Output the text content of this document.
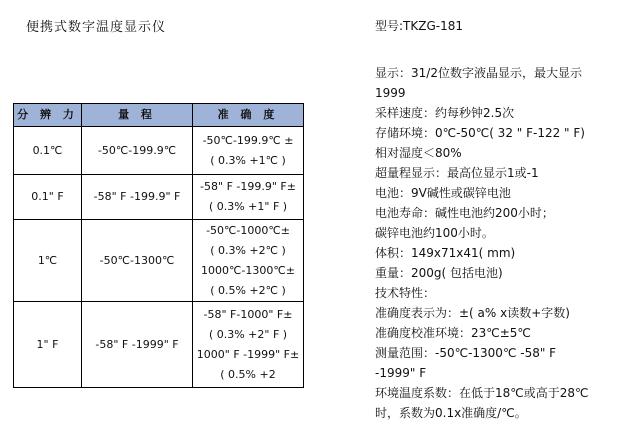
便携式数字温度显示仪	型号:TKZG-181
分 辨 力	量 程	准 确 度
0.1℃	-50℃-199.9℃	-50℃-199.9℃ ±
( 0.3% +1℃ )

0.1" F	-58" F -199.9" F	-58" F -199.9" F±
( 0.3% +1" F )

1℃	-50℃-1300℃	-50℃-1000℃±
( 0.3% +2℃ )
1000℃-1300℃±
( 0.5% +2℃ )

1" F	-58" F -1999" F	-58" F-1000" F±
( 0.3% +2" F )
1000" F -1999" F±
( 0.5% +2
显示：31/2位数字液晶显示，最大显示
1999
采样速度：约每秒钟2.5次
存储环境：0℃-50℃( 32 " F-122 " F)
相对湿度＜80%
超量程显示：最高位显示1或-1
电池：9V碱性或碳锌电池
电池寿命：碱性电池约200小时；
碳锌电池约100小时。
体积：149x71x41( mm)
重量：200g( 包括电池)
技术特性：
准确度表示为：±( a% x读数+字数)
准确度校准环境：23℃±5℃
测量范围：-50℃-1300℃ -58" F
-1999" F
环境温度系数：在低于18℃或高于28℃
时，系数为0.1x准确度/℃。
